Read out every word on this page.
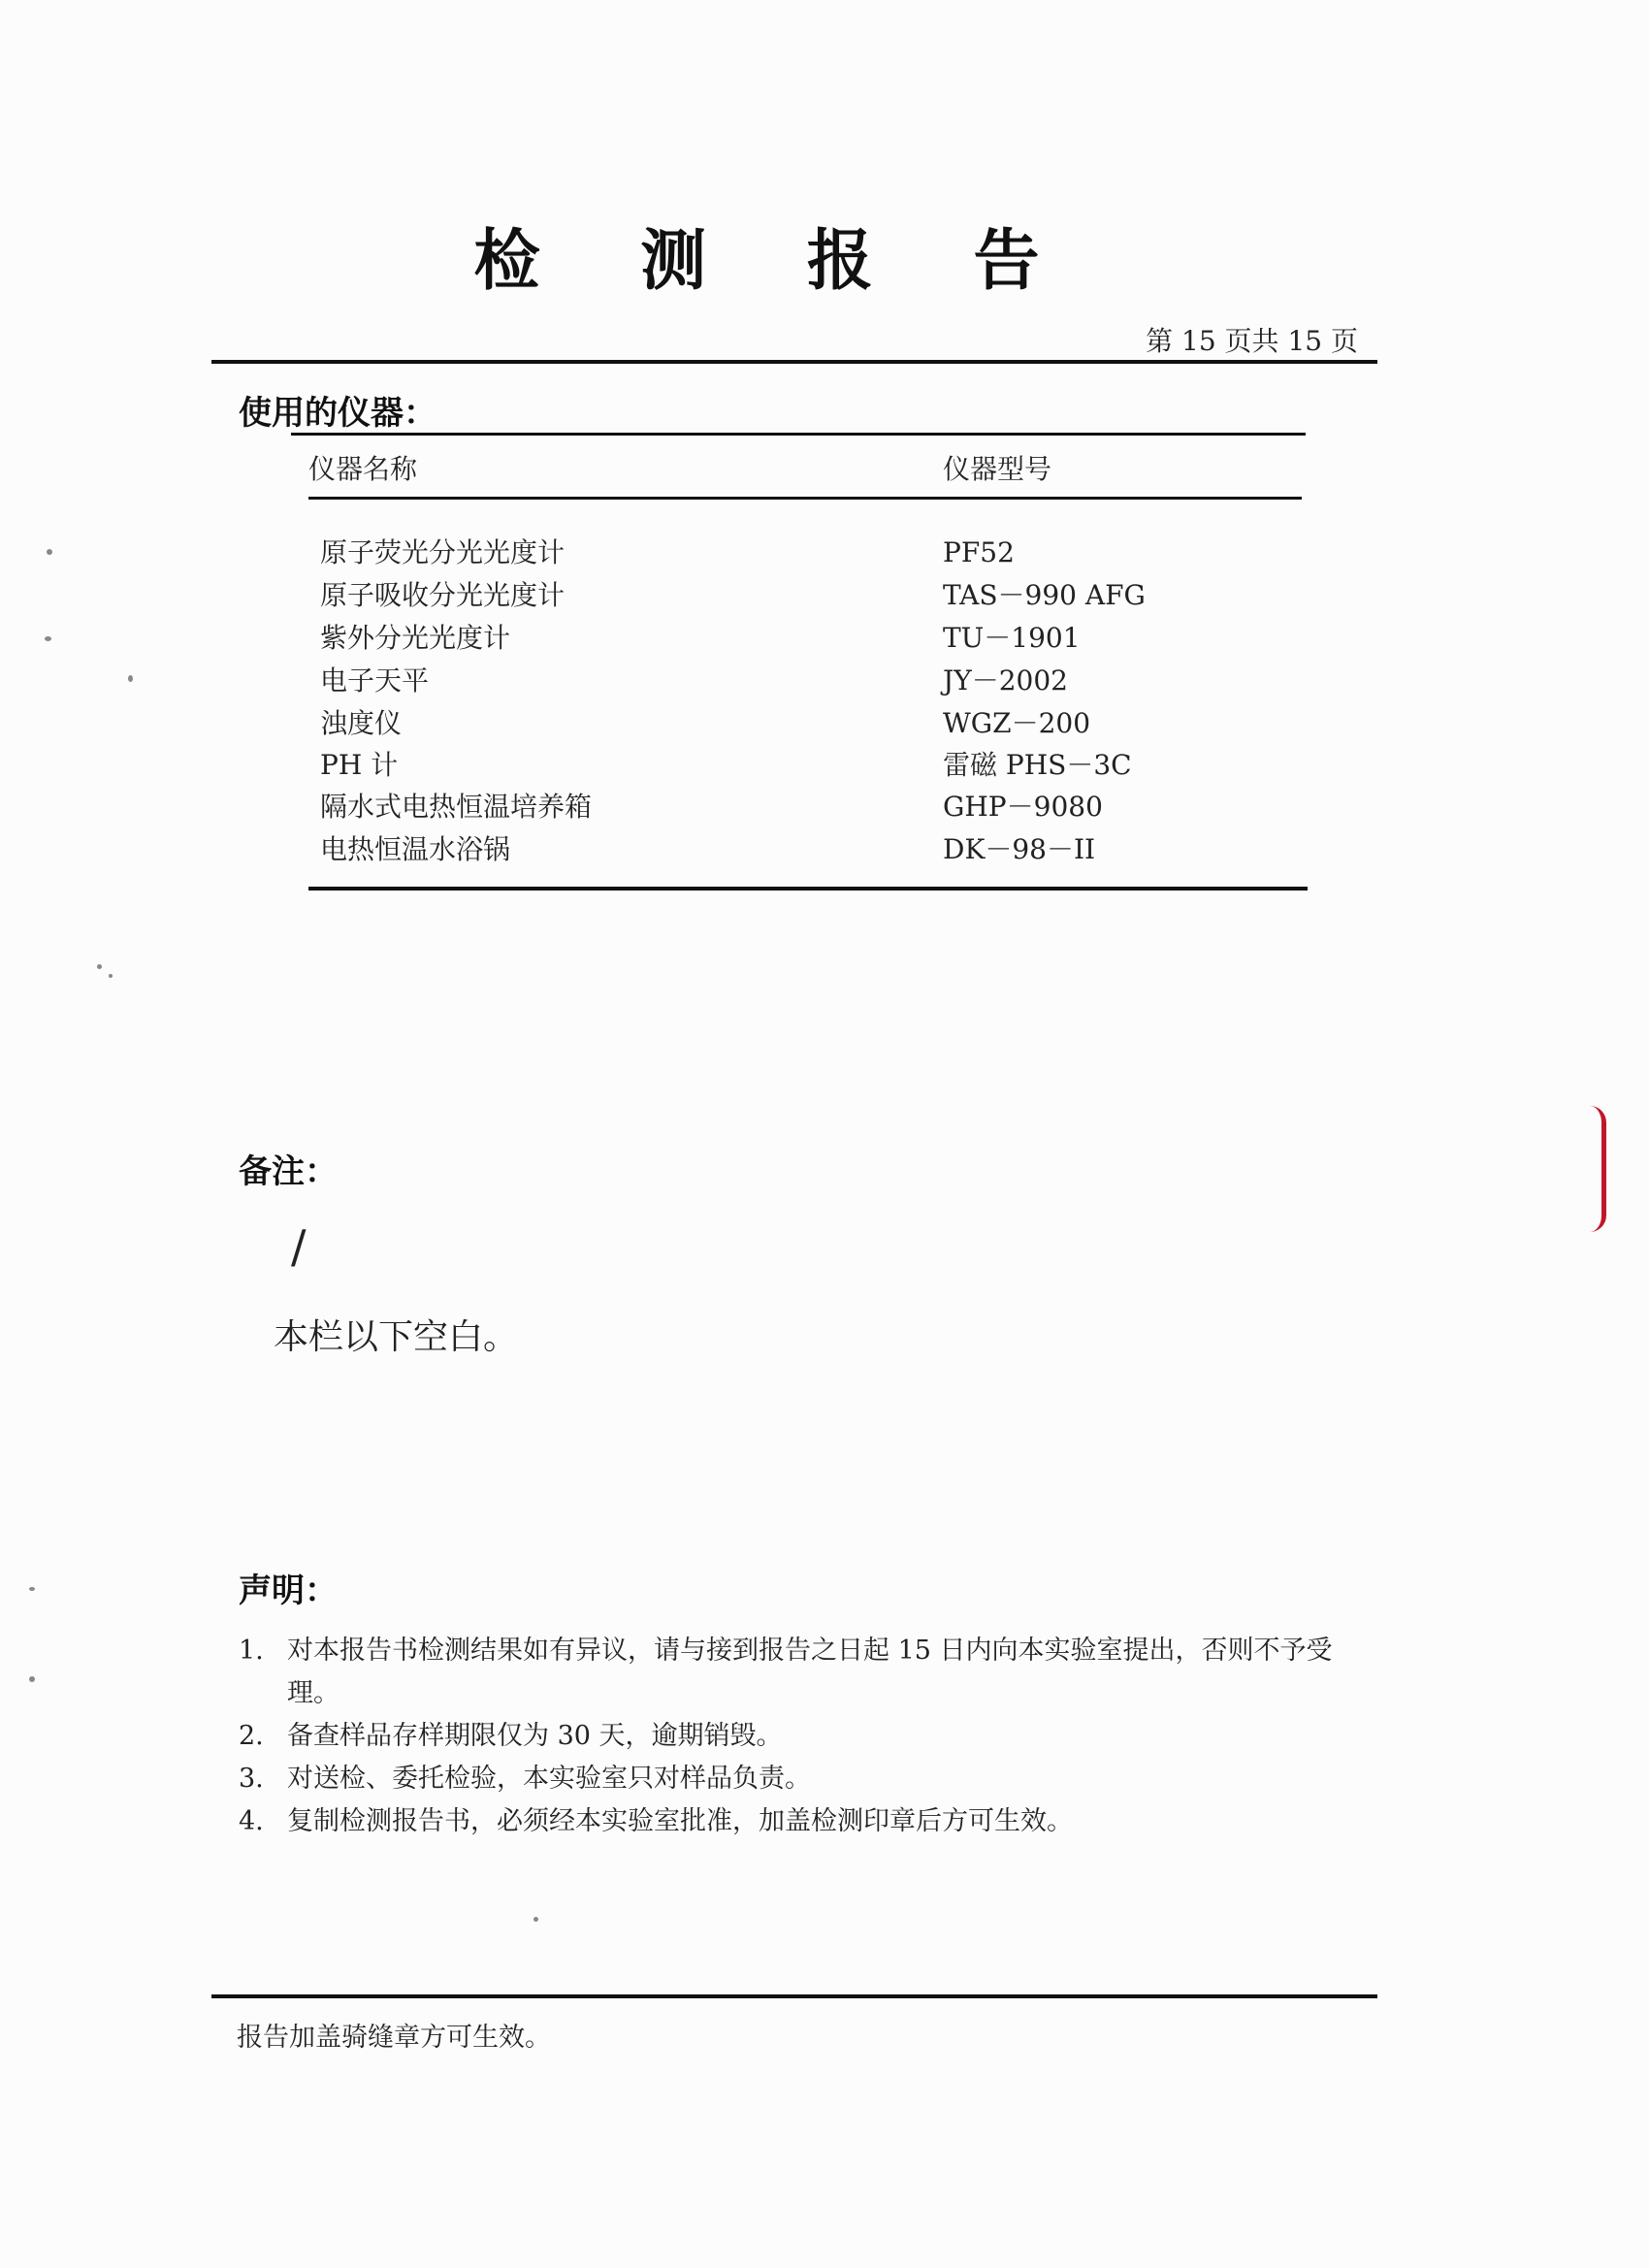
检 测 报 告
第 15 页共 15 页
使用的仪器：
仪器名称	仪器型号
原子荧光分光光度计	PF52
原子吸收分光光度计	TAS－990 AFG
紫外分光光度计	TU－1901
电子天平	JY－2002
浊度仪	WGZ－200
PH 计	雷磁 PHS－3C
隔水式电热恒温培养箱	GHP－9080
电热恒温水浴锅	DK－98－II
备注：
/
本栏以下空白。
声明：
1. 对本报告书检测结果如有异议，请与接到报告之日起 15 日内向本实验室提出，否则不予受理。
2. 备查样品存样期限仅为 30 天，逾期销毁。
3. 对送检、委托检验，本实验室只对样品负责。
4. 复制检测报告书，必须经本实验室批准，加盖检测印章后方可生效。
报告加盖骑缝章方可生效。
